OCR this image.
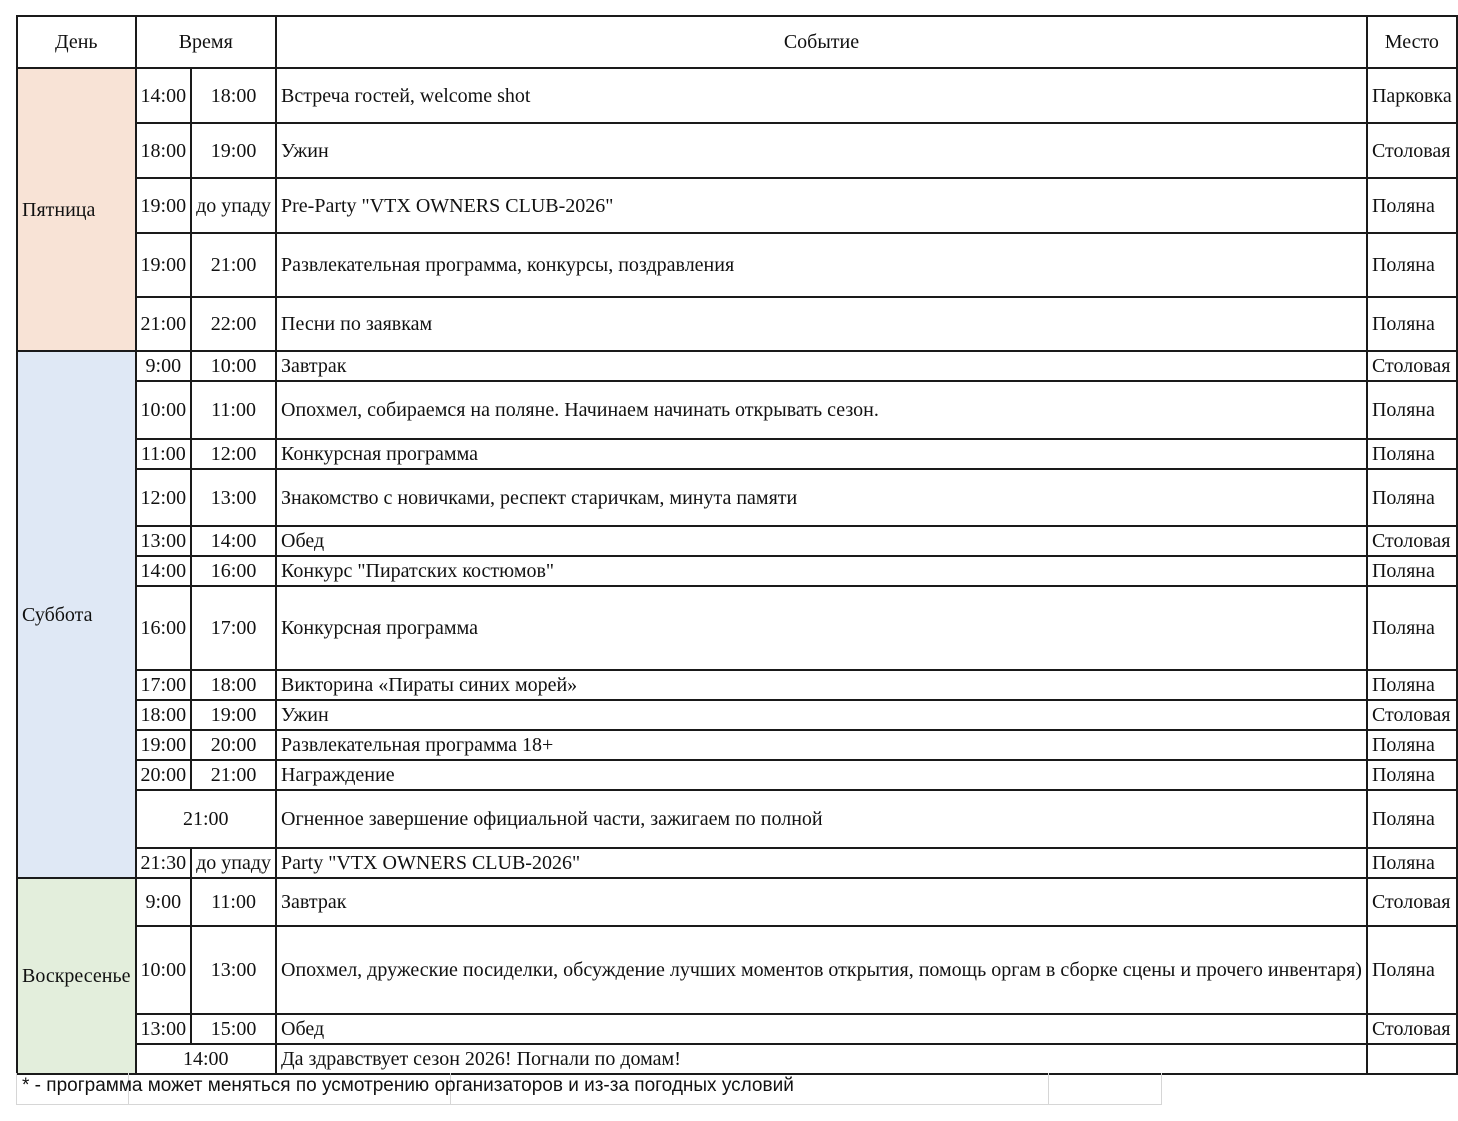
День	Время		Событие	Место
Пятница	14:00	18:00	Встреча гостей, welcome shot	Парковка
	18:00	19:00	Ужин	Столовая
	19:00	до упаду	Pre-Party "VTX OWNERS CLUB-2026"	Поляна
	19:00	21:00	Развлекательная программа, конкурсы, поздравления	Поляна
	21:00	22:00	Песни по заявкам	Поляна
Суббота	9:00	10:00	Завтрак	Столовая
	10:00	11:00	Опохмел, собираемся на поляне. Начинаем начинать открывать сезон.	Поляна
	11:00	12:00	Конкурсная программа	Поляна
	12:00	13:00	Знакомство с новичками, респект старичкам, минута памяти	Поляна
	13:00	14:00	Обед	Столовая
	14:00	16:00	Конкурс "Пиратских костюмов"	Поляна
	16:00	17:00	Конкурсная программа	Поляна
	17:00	18:00	Викторина «Пираты синих морей»	Поляна
	18:00	19:00	Ужин	Столовая
	19:00	20:00	Развлекательная программа 18+	Поляна
	20:00	21:00	Награждение	Поляна
	21:00		Огненное завершение официальной части, зажигаем по полной	Поляна
	21:30	до упаду	Party "VTX OWNERS CLUB-2026"	Поляна
Воскресенье	9:00	11:00	Завтрак	Столовая
	10:00	13:00	Опохмел, дружеские посиделки, обсуждение лучших моментов открытия, помощь оргам в сборке сцены и прочего инвентаря)	Поляна
	13:00	15:00	Обед	Столовая
	14:00		Да здравствует сезон 2026! Погнали по домам!	
* - программа может меняться по усмотрению организаторов и из-за погодных условий
